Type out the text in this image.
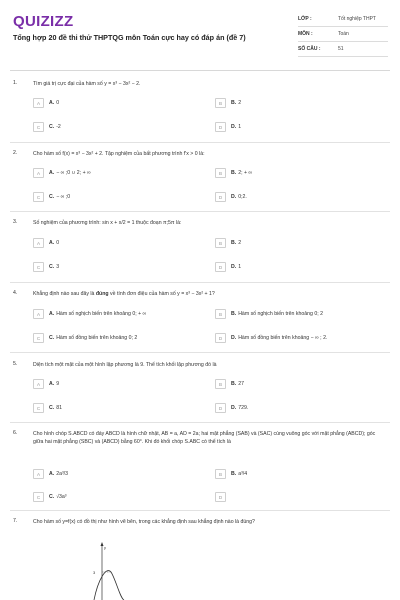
QUIZIZZ
Tổng hợp 20 đề thi thử THPTQG môn Toán cực hay có đáp án (đề 7)
LỚP :	Tốt nghiệp THPT
MÔN :	Toán
SỐ CÂU :	51
1.	Tìm giá trị cực đại của hàm số y = x³ − 3x² − 2.
A	A. 0	B	B. 2
C	C. -2	D	D. 1
2.	Cho hàm số f(x) = x³ − 3x² + 2. Tập nghiệm của bất phương trình f'x > 0 là:
A	A. − ∞ ;0 ∪ 2; + ∞	B	B. 2; + ∞
C	C. − ∞ ;0	D	D. 0;2.
3.	Số nghiệm của phương trình: sin x + x/2 = 1 thuộc đoạn π;5π là:
A	A. 0	B	B. 2
C	C. 3	D	D. 1
4.	Khẳng định nào sau đây là đúng về tính đơn điệu của hàm số y = x³ − 3x² + 1?
A	A. Hàm số nghịch biến trên khoảng 0; + ∞	B	B. Hàm số nghịch biến trên khoảng 0; 2
C	C. Hàm số đồng biến trên khoảng 0; 2	D	D. Hàm số đồng biến trên khoảng − ∞ ; 2.
5.	Diện tích một mặt của một hình lập phương là 9. Thể tích khối lập phương đó là
A	A. 9	B	B. 27
C	C. 81	D	D. 729.
6.	Cho hình chóp S.ABCD có đáy ABCD là hình chữ nhật, AB = a, AD = 2a; hai mặt phẳng (SAB) và (SAC) cùng vuông góc với mặt phẳng (ABCD); góc giữa hai mặt phẳng (SBC) và (ABCD) bằng 60°. Khi đó khối chóp S.ABC có thể tích là
A	A. 2a³/3	B	B. a³/4
C	C. √3a³	D
7.	Cho hàm số y=f(x) có đồ thị như hình vẽ bên, trong các khẳng định sau khẳng định nào là đúng?
y
3
